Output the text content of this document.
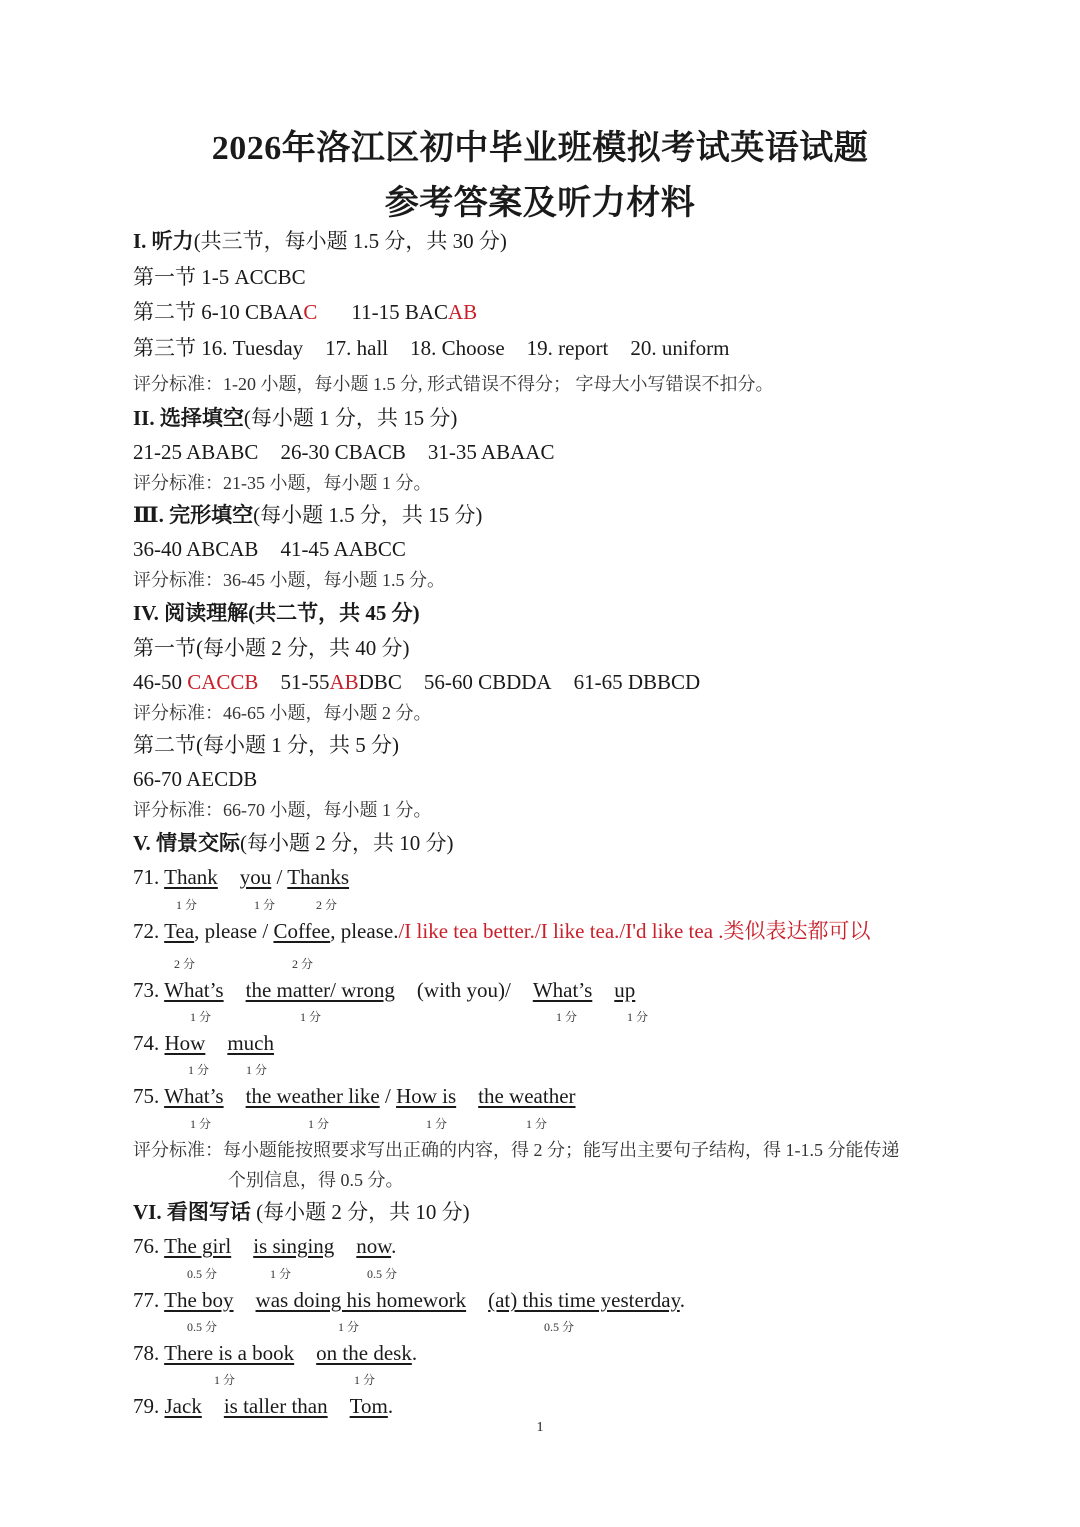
2026年洛江区初中毕业班模拟考试英语试题
参考答案及听力材料
I. 听力(共三节，每小题 1.5 分，共 30 分)
第一节 1-5 ACCBC
第二节 6-10 CBAAC 11-15 BACAB
第三节 16. Tuesday 17. hall 18. Choose 19. report 20. uniform
评分标准：1-20 小题，每小题 1.5 分, 形式错误不得分； 字母大小写错误不扣分。
II. 选择填空(每小题 1 分，共 15 分)
21-25 ABABC 26-30 CBACB 31-35 ABAAC
评分标准：21-35 小题，每小题 1 分。
Ⅲ. 完形填空(每小题 1.5 分，共 15 分)
36-40 ABCAB 41-45 AABCC
评分标准：36-45 小题，每小题 1.5 分。
IV. 阅读理解(共二节，共 45 分)
第一节(每小题 2 分，共 40 分)
46-50 CACCB 51-55ABDBC 56-60 CBDDA 61-65 DBBCD
评分标准：46-65 小题，每小题 2 分。
第二节(每小题 1 分，共 5 分)
66-70 AECDB
评分标准：66-70 小题，每小题 1 分。
V. 情景交际(每小题 2 分，共 10 分)
71. Thank you / Thanks
1 分	1 分	2 分
72. Tea, please / Coffee, please./I like tea better./I like tea./I'd like tea .类似表达都可以
2 分	2 分
73. What’s the matter/ wrong (with you)/ What’s up
1 分	1 分	1 分	1 分
74. How much
1 分	1 分
75. What’s the weather like / How is the weather
1 分	1 分	1 分	1 分
评分标准：每小题能按照要求写出正确的内容，得 2 分；能写出主要句子结构，得 1-1.5 分能传递
个别信息，得 0.5 分。
VI. 看图写话 (每小题 2 分，共 10 分)
76. The girl is singing now.
0.5 分	1 分	0.5 分
77. The boy was doing his homework (at) this time yesterday.
0.5 分	1 分	0.5 分
78. There is a book on the desk.
1 分	1 分
79. Jack is taller than Tom.
1
